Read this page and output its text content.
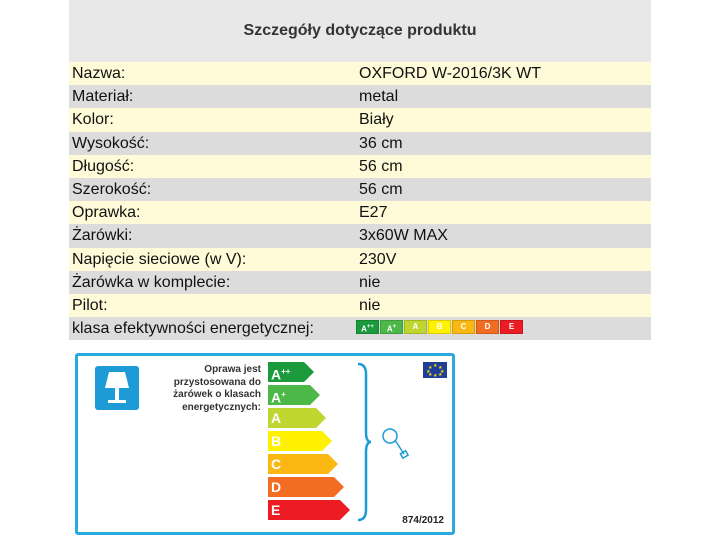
Szczegóły dotyczące produktu
Nazwa:	OXFORD W-2016/3K WT
Materiał:	metal
Kolor:	Biały
Wysokość:	36 cm
Długość:	56 cm
Szerokość:	56 cm
Oprawka:	E27
Żarówki:	3x60W MAX
Napięcie sieciowe (w V):	230V
Żarówka w komplecie:	nie
Pilot:	nie
klasa efektywności energetycznej:	A++	A+	A	B	C	D	E
Oprawa jest przystosowana do żarówek o klasach energetycznych:
A++
A+
A
B
C
D
E
★ ★
★
★
★
★
★
★
874/2012
